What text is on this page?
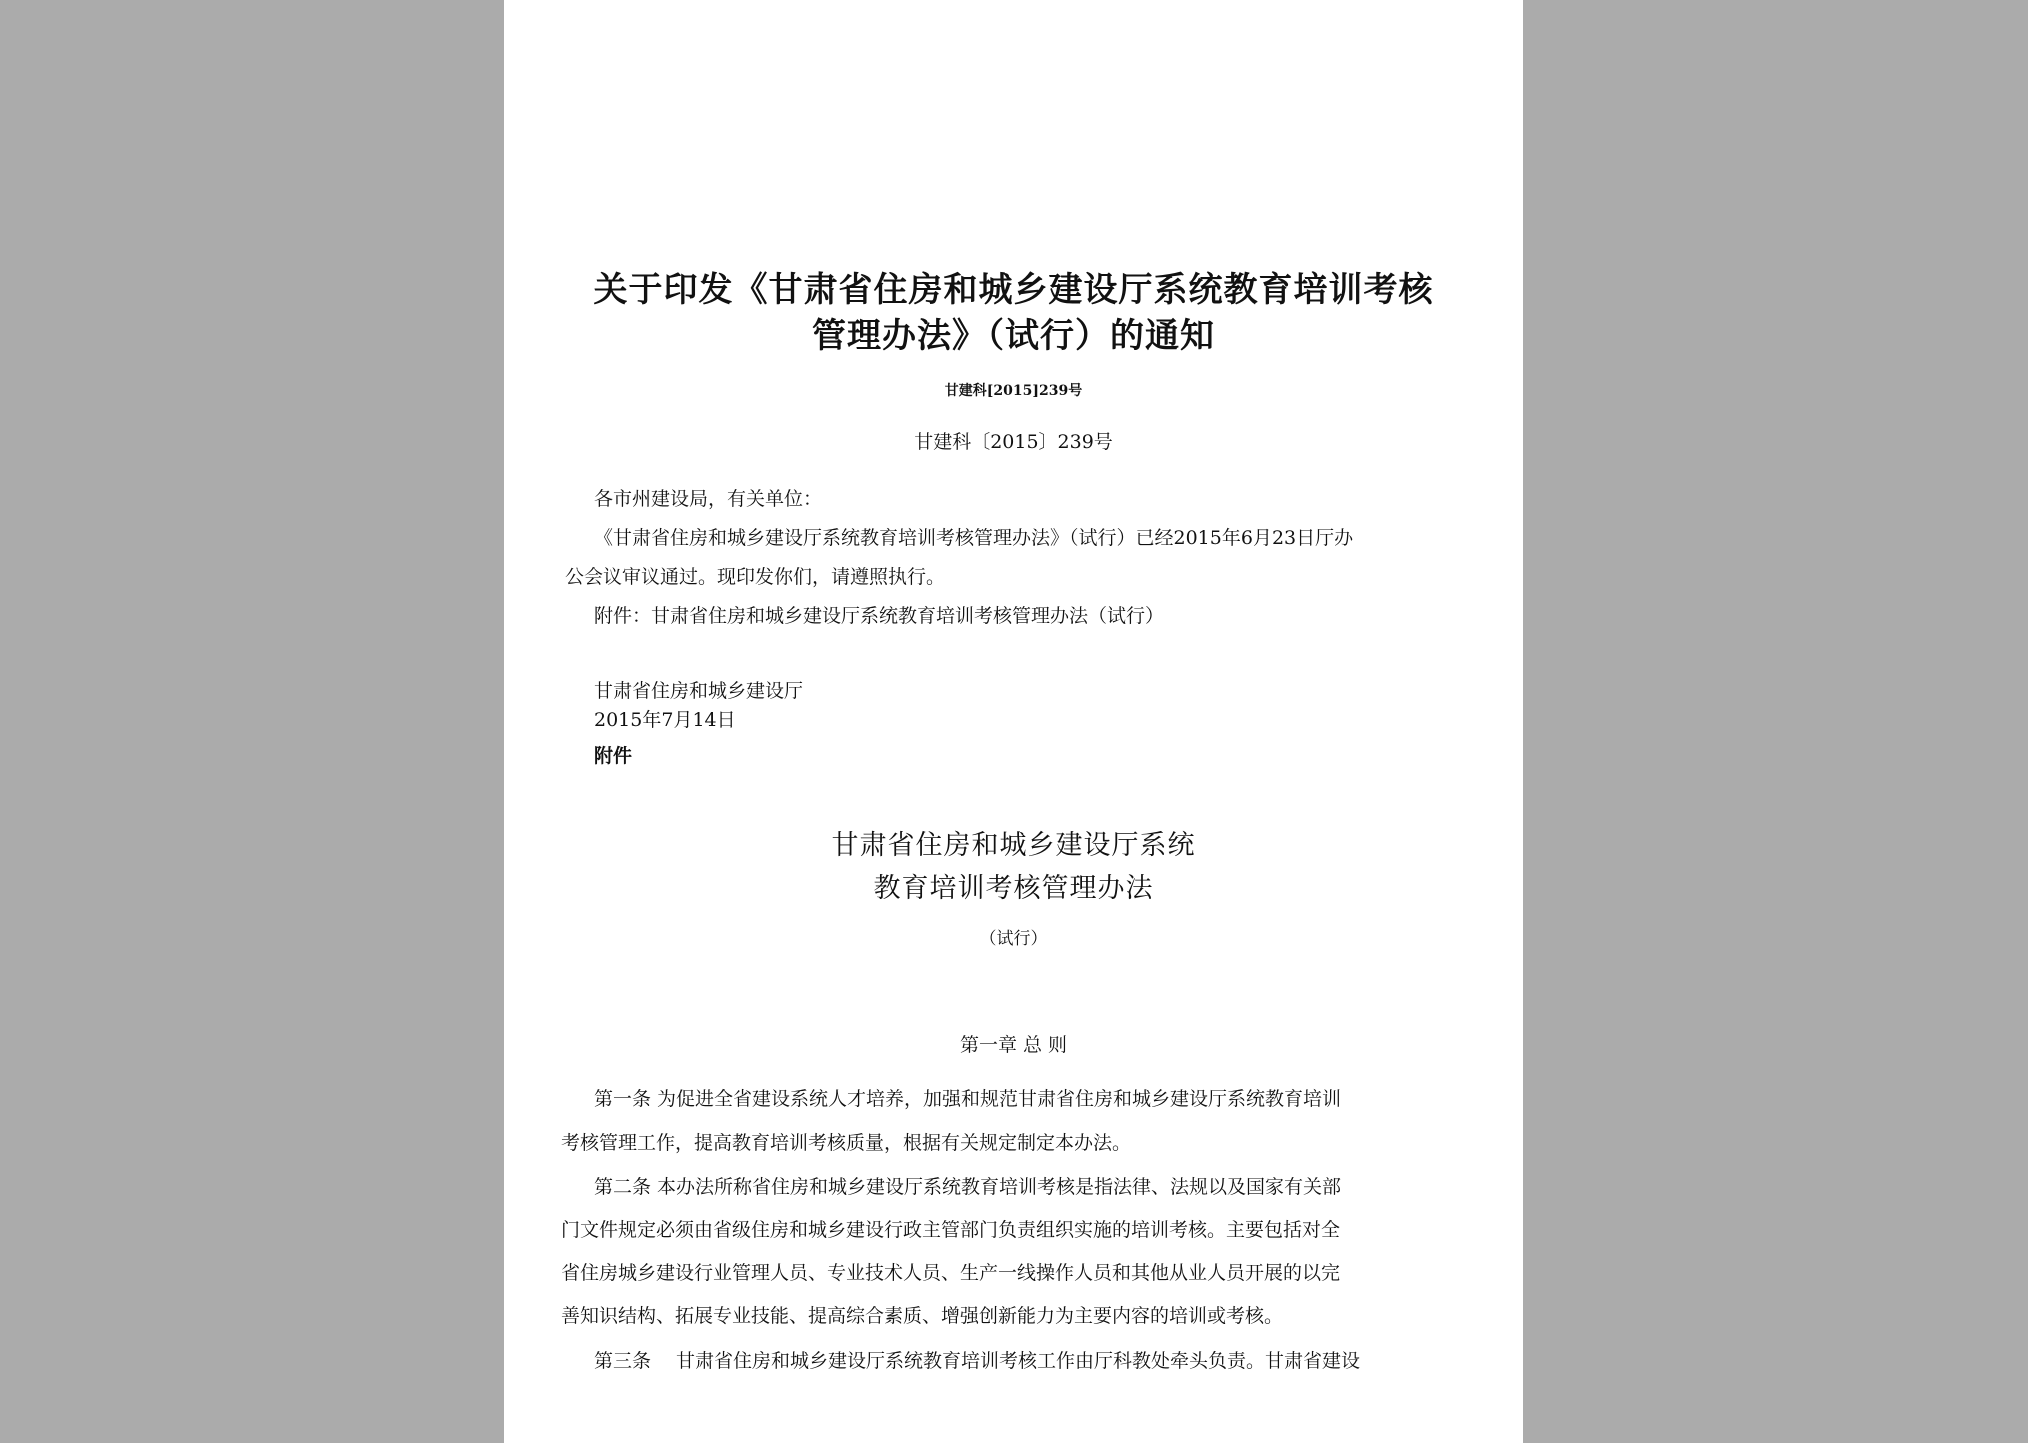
关于印发《甘肃省住房和城乡建设厅系统教育培训考核
管理办法》（试行）的通知
甘建科[2015]239号
甘建科〔2015〕239号
各市州建设局，有关单位：
《甘肃省住房和城乡建设厅系统教育培训考核管理办法》（试行）已经2015年6月23日厅办
公会议审议通过。现印发你们，请遵照执行。
附件：甘肃省住房和城乡建设厅系统教育培训考核管理办法（试行）
甘肃省住房和城乡建设厅
2015年7月14日
附件
甘肃省住房和城乡建设厅系统
教育培训考核管理办法
（试行）
第一章 总 则
第一条 为促进全省建设系统人才培养，加强和规范甘肃省住房和城乡建设厅系统教育培训
考核管理工作，提高教育培训考核质量，根据有关规定制定本办法。
第二条 本办法所称省住房和城乡建设厅系统教育培训考核是指法律、法规以及国家有关部
门文件规定必须由省级住房和城乡建设行政主管部门负责组织实施的培训考核。主要包括对全
省住房城乡建设行业管理人员、专业技术人员、生产一线操作人员和其他从业人员开展的以完
善知识结构、拓展专业技能、提高综合素质、增强创新能力为主要内容的培训或考核。
第三条　 甘肃省住房和城乡建设厅系统教育培训考核工作由厅科教处牵头负责。甘肃省建设
